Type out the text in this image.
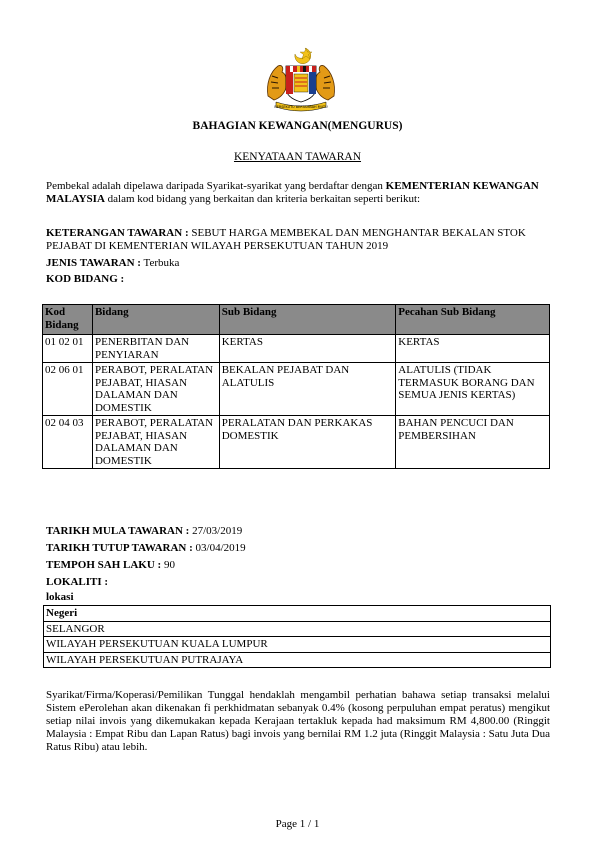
BERSEKUTU BERTAMBAH MUTU
BAHAGIAN KEWANGAN(MENGURUS)
KENYATAAN TAWARAN
Pembekal adalah dipelawa daripada Syarikat-syarikat yang berdaftar dengan KEMENTERIAN KEWANGAN MALAYSIA dalam kod bidang yang berkaitan dan kriteria berkaitan seperti berikut:
KETERANGAN TAWARAN : SEBUT HARGA MEMBEKAL DAN MENGHANTAR BEKALAN STOK PEJABAT DI KEMENTERIAN WILAYAH PERSEKUTUAN TAHUN 2019
JENIS TAWARAN : Terbuka
KOD BIDANG :
Kod Bidang	Bidang	Sub Bidang	Pecahan Sub Bidang
01 02 01	PENERBITAN DAN PENYIARAN	KERTAS	KERTAS
02 06 01	PERABOT, PERALATAN PEJABAT, HIASAN DALAMAN DAN DOMESTIK	BEKALAN PEJABAT DAN ALATULIS	ALATULIS (TIDAK TERMASUK BORANG DAN SEMUA JENIS KERTAS)
02 04 03	PERABOT, PERALATAN PEJABAT, HIASAN DALAMAN DAN DOMESTIK	PERALATAN DAN PERKAKAS DOMESTIK	BAHAN PENCUCI DAN PEMBERSIHAN
TARIKH MULA TAWARAN : 27/03/2019
TARIKH TUTUP TAWARAN : 03/04/2019
TEMPOH SAH LAKU : 90
LOKALITI :
lokasi
Negeri
SELANGOR
WILAYAH PERSEKUTUAN KUALA LUMPUR
WILAYAH PERSEKUTUAN PUTRAJAYA
Syarikat/Firma/Koperasi/Pemilikan Tunggal hendaklah mengambil perhatian bahawa setiap transaksi melalui Sistem ePerolehan akan dikenakan fi perkhidmatan sebanyak 0.4% (kosong perpuluhan empat peratus) mengikut setiap nilai invois yang dikemukakan kepada Kerajaan tertakluk kepada had maksimum RM 4,800.00 (Ringgit Malaysia : Empat Ribu dan Lapan Ratus) bagi invois yang bernilai RM 1.2 juta (Ringgit Malaysia : Satu Juta Dua Ratus Ribu) atau lebih.
Page 1 / 1
